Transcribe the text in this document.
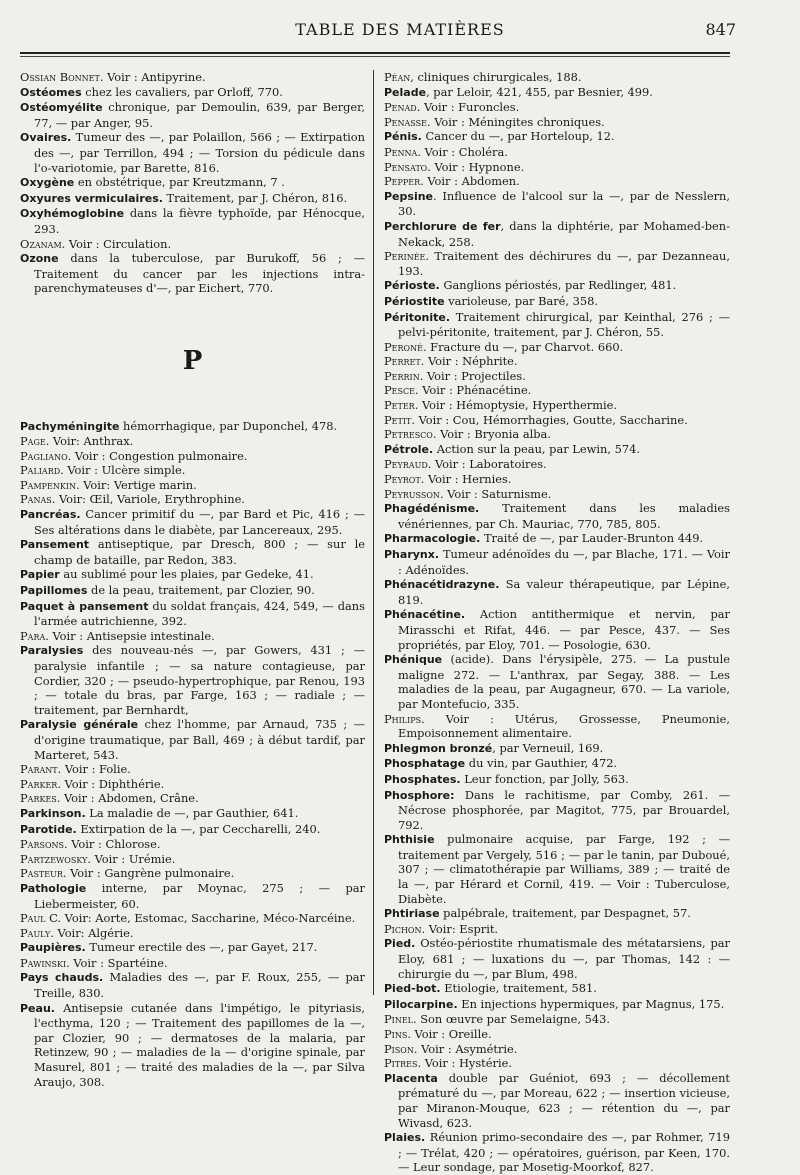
TABLE DES MATIÈRES	847

Ossian Bonnet. Voir : Antipyrine.

Ostéomes chez les cavaliers, par Orloff, 770.

Ostéomyélite chronique, par Demoulin, 639, par Berger, 77, — par Anger, 95.

Ovaires. Tumeur des —, par Polaillon, 566 ; — Extirpation des —, par Terrillon, 494 ; — Torsion du pédicule dans l'o-variotomie, par Barette, 816.

Oxygène en obstétrique, par Kreutzmann, 7 .

Oxyures vermiculaires. Traitement, par J. Chéron, 816.

Oxyhémoglobine dans la fièvre typhoïde, par Hénocque, 293.

Ozanam. Voir : Circulation.

Ozone dans la tuberculose, par Burukoff, 56 ; — Traitement du cancer par les injections intra-parenchymateuses d'—, par Eichert, 770.

P

Pachyméningite hémorrhagique, par Duponchel, 478.

Page. Voir: Anthrax.

Pagliano. Voir : Congestion pulmonaire.

Paliard. Voir : Ulcère simple.

Pampenkin. Voir: Vertige marin.

Panas. Voir: Œil, Variole, Erythrophine.

Pancréas. Cancer primitif du —, par Bard et Pic, 416 ; — Ses altérations dans le diabète, par Lancereaux, 295.

Pansement antiseptique, par Dresch, 800 ; — sur le champ de bataille, par Redon, 383.

Papier au sublimé pour les plaies, par Gedeke, 41.

Papillomes de la peau, traitement, par Clozier, 90.

Paquet à pansement du soldat français, 424, 549, — dans l'armée autrichienne, 392.

Para. Voir : Antisepsie intestinale.

Paralysies des nouveau-nés —, par Gowers, 431 ; — paralysie infantile ; — sa nature contagieuse, par Cordier, 320 ; — pseudo-hypertrophique, par Renou, 193 ; — totale du bras, par Farge, 163 ; — radiale ; — traitement, par Bernhardt,

Paralysie générale chez l'homme, par Arnaud, 735 ; — d'origine traumatique, par Ball, 469 ; à début tardif, par Marteret, 543.

Parant. Voir : Folie.

Parker. Voir : Diphthérie.

Parkes. Voir : Abdomen, Crâne.

Parkinson. La maladie de —, par Gauthier, 641.

Parotide. Extirpation de la —, par Ceccharelli, 240.

Parsons. Voir : Chlorose.

Partzewosky. Voir : Urémie.

Pasteur. Voir : Gangrène pulmonaire.

Pathologie interne, par Moynac, 275 ; — par Liebermeister, 60.

Paul C. Voir: Aorte, Estomac, Saccharine, Méco-Narcéine.

Pauly. Voir: Algérie.

Paupières. Tumeur erectile des —, par Gayet, 217.

Pawinski. Voir : Spartéine.

Pays chauds. Maladies des —, par F. Roux, 255, — par Treille, 830.

Peau. Antisepsie cutanée dans l'impétigo, le pityriasis, l'ecthyma, 120 ; — Traitement des papillomes de la —, par Clozier, 90 ; — dermatoses de la malaria, par Retinzew, 90 ; — maladies de la — d'origine spinale, par Masurel, 801 ; — traité des maladies de la —, par Silva Araujo, 308.

Péan, cliniques chirurgicales, 188.

Pelade, par Leloir, 421, 455, par Besnier, 499.

Penad. Voir : Furoncles.

Penasse. Voir : Méningites chroniques.

Pénis. Cancer du —, par Horteloup, 12.

Penna. Voir : Choléra.

Pensato. Voir : Hypnone.

Pepper. Voir : Abdomen.

Pepsine. Influence de l'alcool sur la —, par de Nesslern, 30.

Perchlorure de fer, dans la diphtérie, par Mohamed-ben-Nekack, 258.

Perinée. Traitement des déchirures du —, par Dezanneau, 193.

Périoste. Ganglions périostés, par Redlinger, 481.

Périostite varioleuse, par Baré, 358.

Péritonite. Traitement chirurgical, par Keinthal, 276 ; — pelvi-péritonite, traitement, par J. Chéron, 55.

Peroné. Fracture du —, par Charvot. 660.

Perret. Voir : Néphrite.

Perrin. Voir : Projectiles.

Pesce. Voir : Phénacétine.

Peter. Voir : Hémoptysie, Hyperthermie.

Petit. Voir : Cou, Hémorrhagies, Goutte, Saccharine.

Petresco. Voir : Bryonia alba.

Pétrole. Action sur la peau, par Lewin, 574.

Peyraud. Voir : Laboratoires.

Peyrot. Voir : Hernies.

Peyrusson. Voir : Saturnisme.

Phagédénisme. Traitement dans les maladies vénériennes, par Ch. Mauriac, 770, 785, 805.

Pharmacologie. Traité de —, par Lauder-Brunton 449.

Pharynx. Tumeur adénoïdes du —, par Blache, 171. — Voir : Adénoïdes.

Phénacétidrazyne. Sa valeur thérapeutique, par Lépine, 819.

Phénacétine. Action antithermique et nervin, par Mirasschi et Rifat, 446. — par Pesce, 437. — Ses propriétés, par Eloy, 701. — Posologie, 630.

Phénique (acide). Dans l'érysipèle, 275. — La pustule maligne 272. — L'anthrax, par Segay, 388. — Les maladies de la peau, par Augagneur, 670. — La variole, par Montefucio, 335.

Philips. Voir : Utérus, Grossesse, Pneumonie, Empoisonnement alimentaire.

Phlegmon bronzé, par Verneuil, 169.

Phosphatage du vin, par Gauthier, 472.

Phosphates. Leur fonction, par Jolly, 563.

Phosphore: Dans le rachitisme, par Comby, 261. — Nécrose phosphorée, par Magitot, 775, par Brouardel, 792.

Phthisie pulmonaire acquise, par Farge, 192 ; — traitement par Vergely, 516 ; — par le tanin, par Duboué, 307 ; — climatothérapie par Williams, 389 ; — traité de la —, par Hérard et Cornil, 419. — Voir : Tuberculose, Diabète.

Phtiriase palpébrale, traitement, par Despagnet, 57.

Pichon. Voir: Esprit.

Pied. Ostéo-périostite rhumatismale des métatarsiens, par Eloy, 681 ; — luxations du —, par Thomas, 142 : — chirurgie du —, par Blum, 498.

Pied-bot. Etiologie, traitement, 581.

Pilocarpine. En injections hypermiques, par Magnus, 175.

Pinel. Son œuvre par Semelaigne, 543.

Pins. Voir : Oreille.

Pison. Voir : Asymétrie.

Pitres. Voir : Hystérie.

Placenta double par Guéniot, 693 ; — décollement prématuré du —, par Moreau, 622 ; — insertion vicieuse, par Miranon-Mouque, 623 ; — rétention du —, par Wivasd, 623.

Plaies. Réunion primo-secondaire des —, par Rohmer, 719 ; — Trélat, 420 ; — opératoires, guérison, par Keen, 170. — Leur sondage, par Mosetig-Moorkof, 827.
